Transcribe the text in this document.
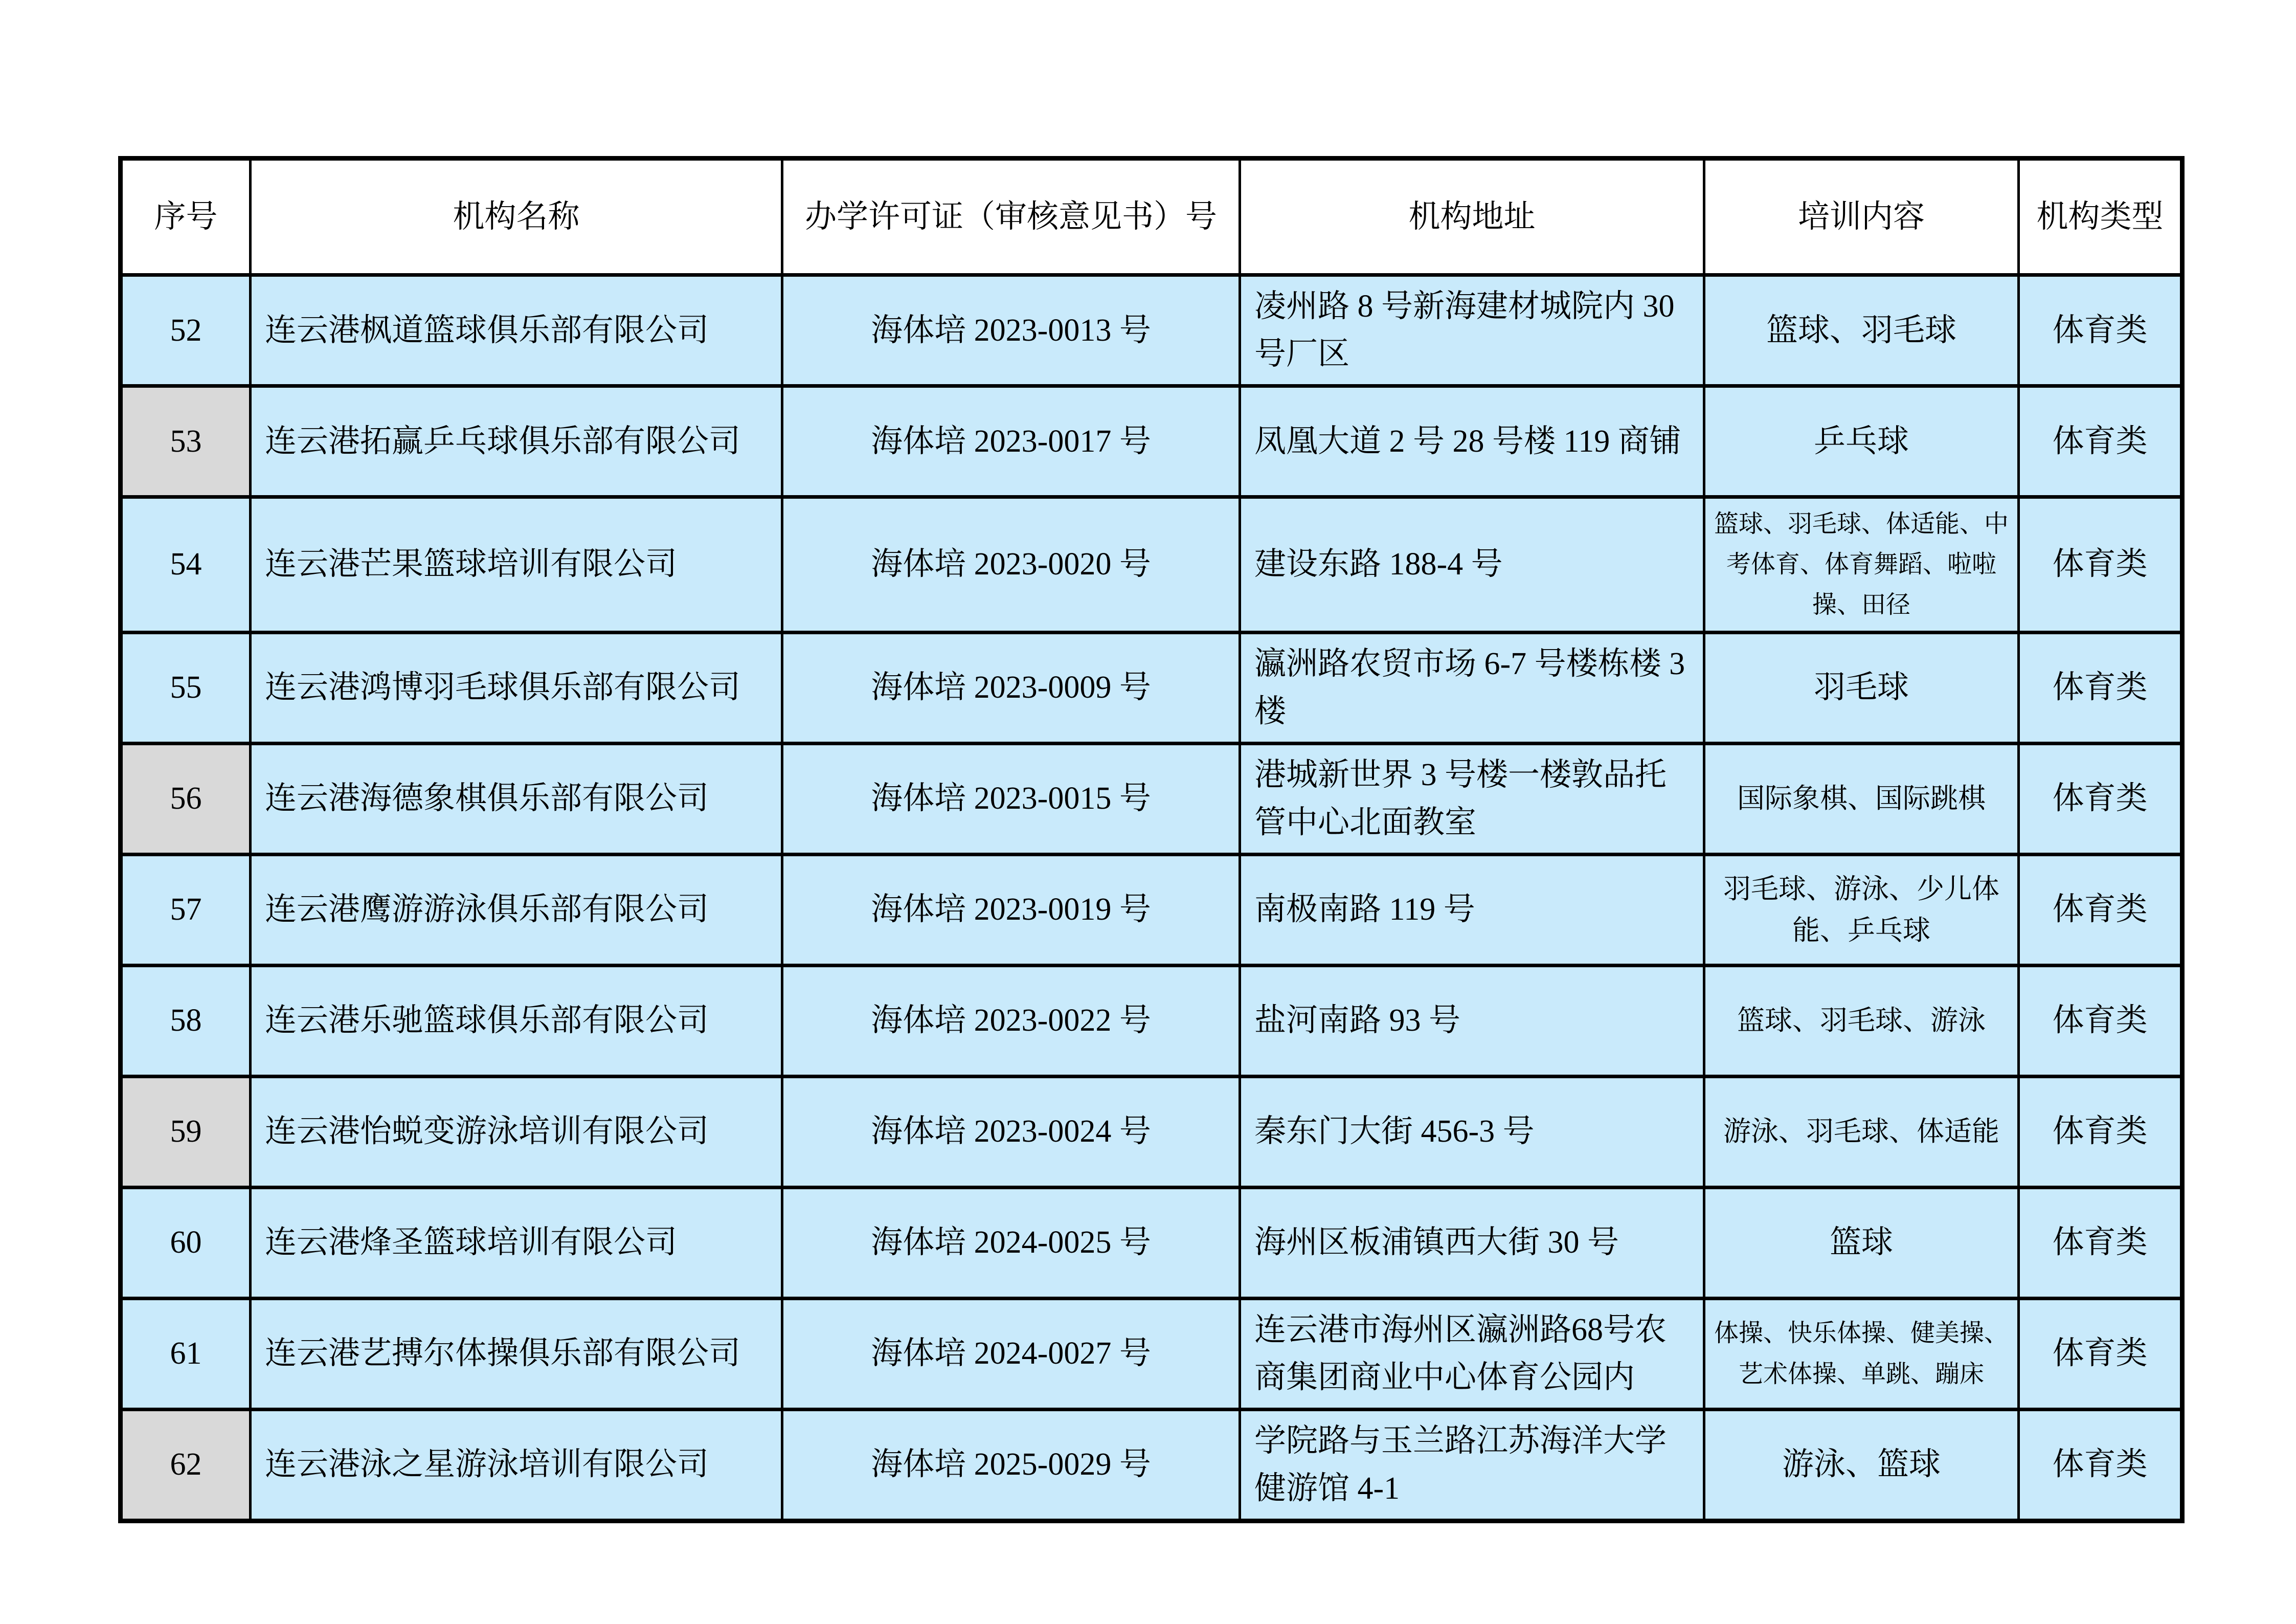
序号	机构名称	办学许可证（审核意见书）号	机构地址	培训内容	机构类型
52	连云港枫道篮球俱乐部有限公司	海体培 2023-0013 号	凌州路 8 号新海建材城院内 30 号厂区	篮球、羽毛球	体育类
53	连云港拓赢乒乓球俱乐部有限公司	海体培 2023-0017 号	凤凰大道 2 号 28 号楼 119 商铺	乒乓球	体育类
54	连云港芒果篮球培训有限公司	海体培 2023-0020 号	建设东路 188-4 号	篮球、羽毛球、体适能、中考体育、体育舞蹈、啦啦操、田径	体育类
55	连云港鸿博羽毛球俱乐部有限公司	海体培 2023-0009 号	瀛洲路农贸市场 6-7 号楼栋楼 3 楼	羽毛球	体育类
56	连云港海德象棋俱乐部有限公司	海体培 2023-0015 号	港城新世界 3 号楼一楼敦品托管中心北面教室	国际象棋、国际跳棋	体育类
57	连云港鹰游游泳俱乐部有限公司	海体培 2023-0019 号	南极南路 119 号	羽毛球、游泳、少儿体能、乒乓球	体育类
58	连云港乐驰篮球俱乐部有限公司	海体培 2023-0022 号	盐河南路 93 号	篮球、羽毛球、游泳	体育类
59	连云港怡蜕变游泳培训有限公司	海体培 2023-0024 号	秦东门大街 456-3 号	游泳、羽毛球、体适能	体育类
60	连云港烽圣篮球培训有限公司	海体培 2024-0025 号	海州区板浦镇西大街 30 号	篮球	体育类
61	连云港艺搏尔体操俱乐部有限公司	海体培 2024-0027 号	连云港市海州区瀛洲路68号农商集团商业中心体育公园内	体操、快乐体操、健美操、艺术体操、单跳、蹦床	体育类
62	连云港泳之星游泳培训有限公司	海体培 2025-0029 号	学院路与玉兰路江苏海洋大学健游馆 4-1	游泳、篮球	体育类
